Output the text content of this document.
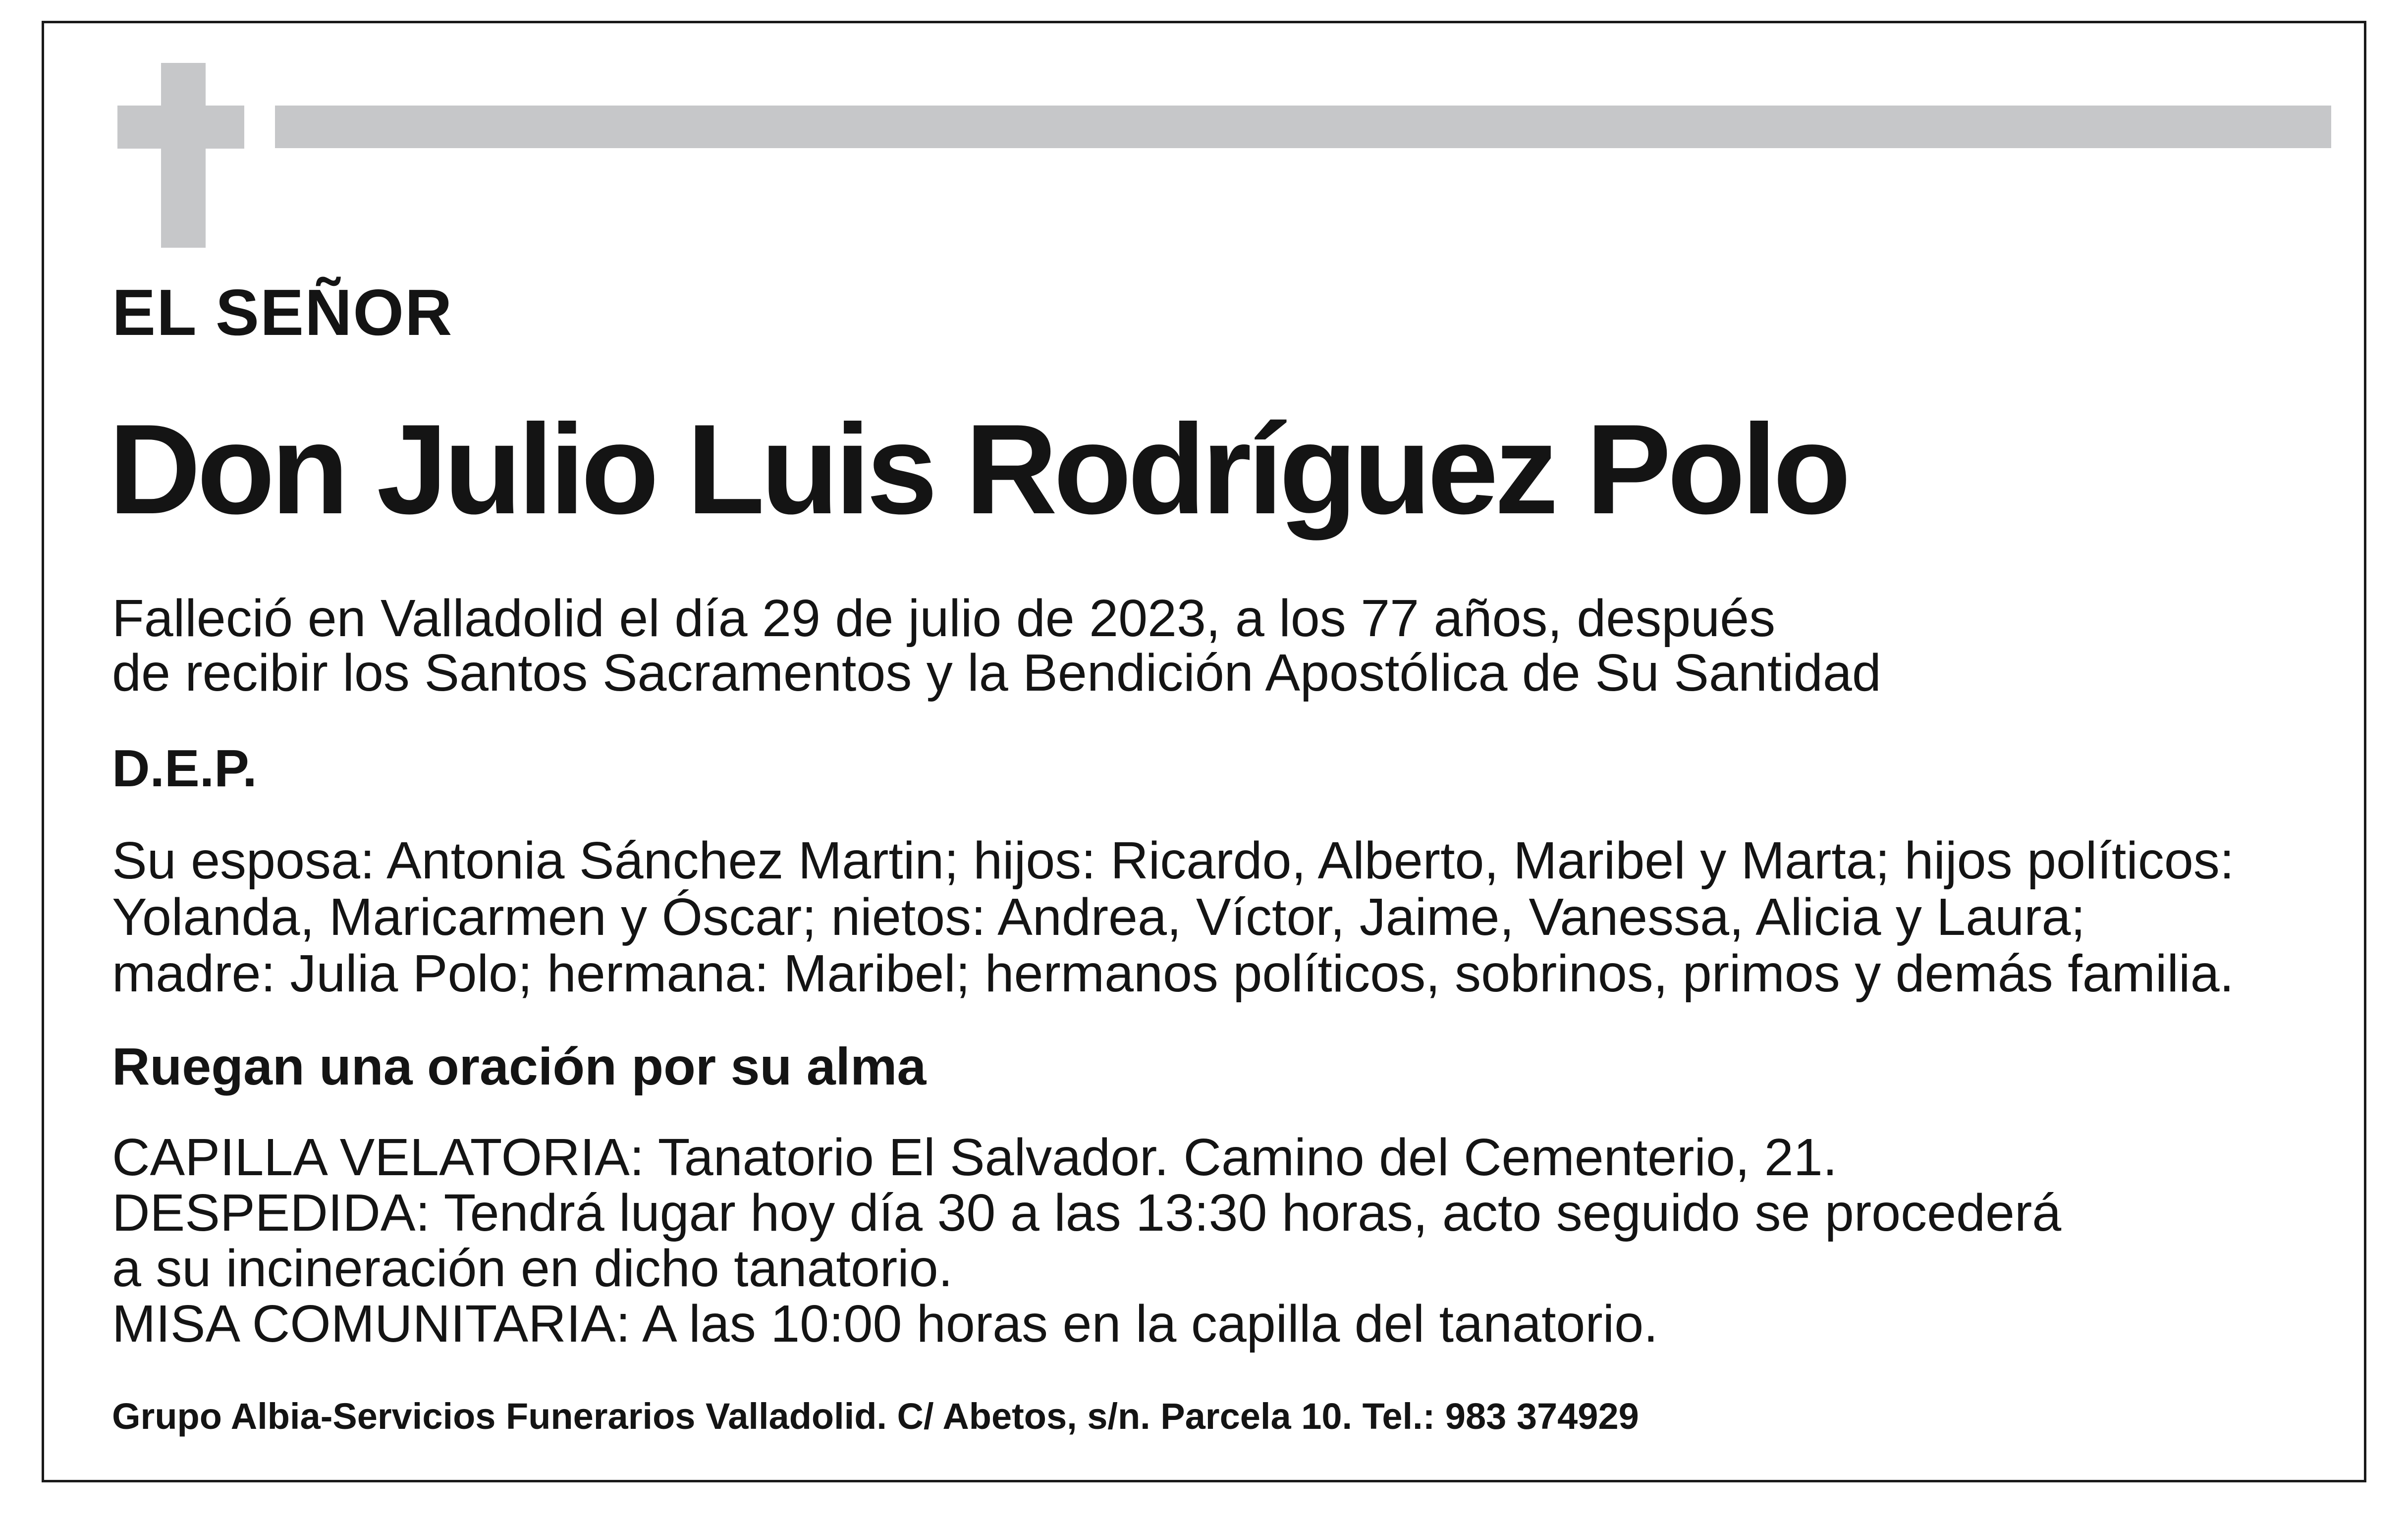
EL SEÑOR
Don Julio Luis Rodríguez Polo
Falleció en Valladolid el día 29 de julio de 2023, a los 77 años, después
de recibir los Santos Sacramentos y la Bendición Apostólica de Su Santidad
D.E.P.
Su esposa: Antonia Sánchez Martin; hijos: Ricardo, Alberto, Maribel y Marta; hijos políticos:
Yolanda, Maricarmen y Óscar; nietos: Andrea, Víctor, Jaime, Vanessa, Alicia y Laura;
madre: Julia Polo; hermana: Maribel; hermanos políticos, sobrinos, primos y demás familia.
Ruegan una oración por su alma
CAPILLA VELATORIA: Tanatorio El Salvador. Camino del Cementerio, 21.
DESPEDIDA: Tendrá lugar hoy día 30 a las 13:30 horas, acto seguido se procederá
a su incineración en dicho tanatorio.
MISA COMUNITARIA: A las 10:00 horas en la capilla del tanatorio.
Grupo Albia-Servicios Funerarios Valladolid. C/ Abetos, s/n. Parcela 10. Tel.: 983 374929
